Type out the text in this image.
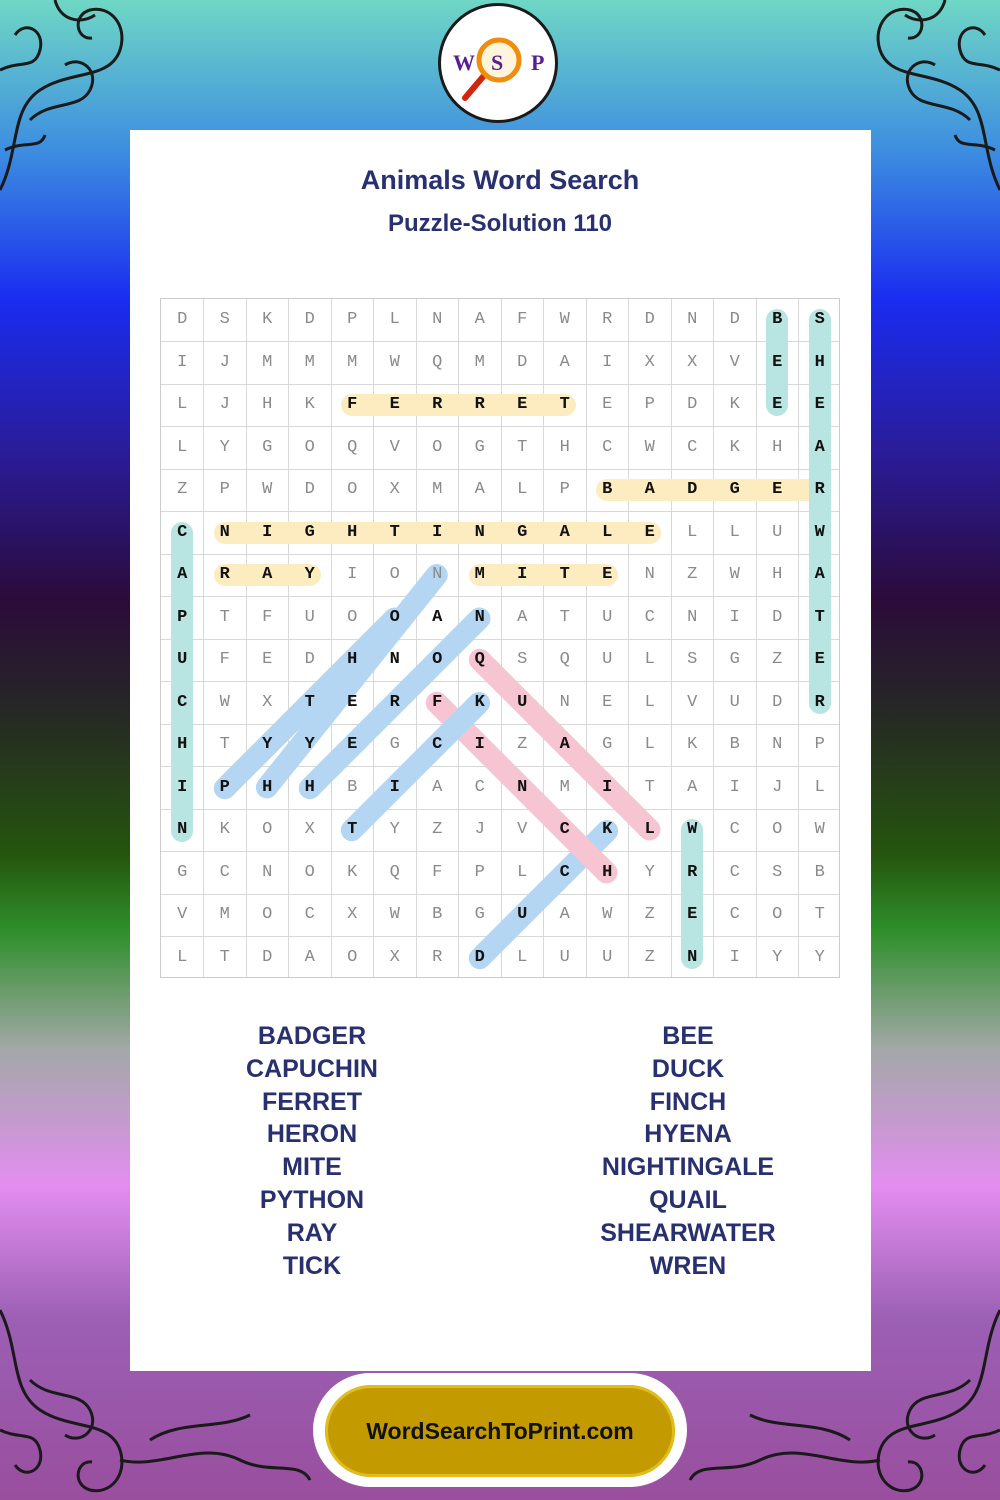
W S P
Animals Word Search
Puzzle-Solution 110
D	S	K	D	P	L	N	A	F	W	R	D	N	D	B	S
I	J	M	M	M	W	Q	M	D	A	I	X	X	V	E	H
L	J	H	K	F	E	R	R	E	T	E	P	D	K	E	E
L	Y	G	O	Q	V	O	G	T	H	C	W	C	K	H	A
Z	P	W	D	O	X	M	A	L	P	B	A	D	G	E	R
C	N	I	G	H	T	I	N	G	A	L	E	L	L	U	W
A	R	A	Y	I	O	N	M	I	T	E	N	Z	W	H	A
P	T	F	U	O	O	A	N	A	T	U	C	N	I	D	T
U	F	E	D	H	N	O	Q	S	Q	U	L	S	G	Z	E
C	W	X	T	E	R	F	K	U	N	E	L	V	U	D	R
H	T	Y	Y	E	G	C	I	Z	A	G	L	K	B	N	P
I	P	H	H	B	I	A	C	N	M	I	T	A	I	J	L
N	K	O	X	T	Y	Z	J	V	C	K	L	W	C	O	W
G	C	N	O	K	Q	F	P	L	C	H	Y	R	C	S	B
V	M	O	C	X	W	B	G	U	A	W	Z	E	C	O	T
L	T	D	A	O	X	R	D	L	U	U	Z	N	I	Y	Y
BADGER
CAPUCHIN
FERRET
HERON
MITE
PYTHON
RAY
TICK
BEE
DUCK
FINCH
HYENA
NIGHTINGALE
QUAIL
SHEARWATER
WREN
WordSearchToPrint.com
